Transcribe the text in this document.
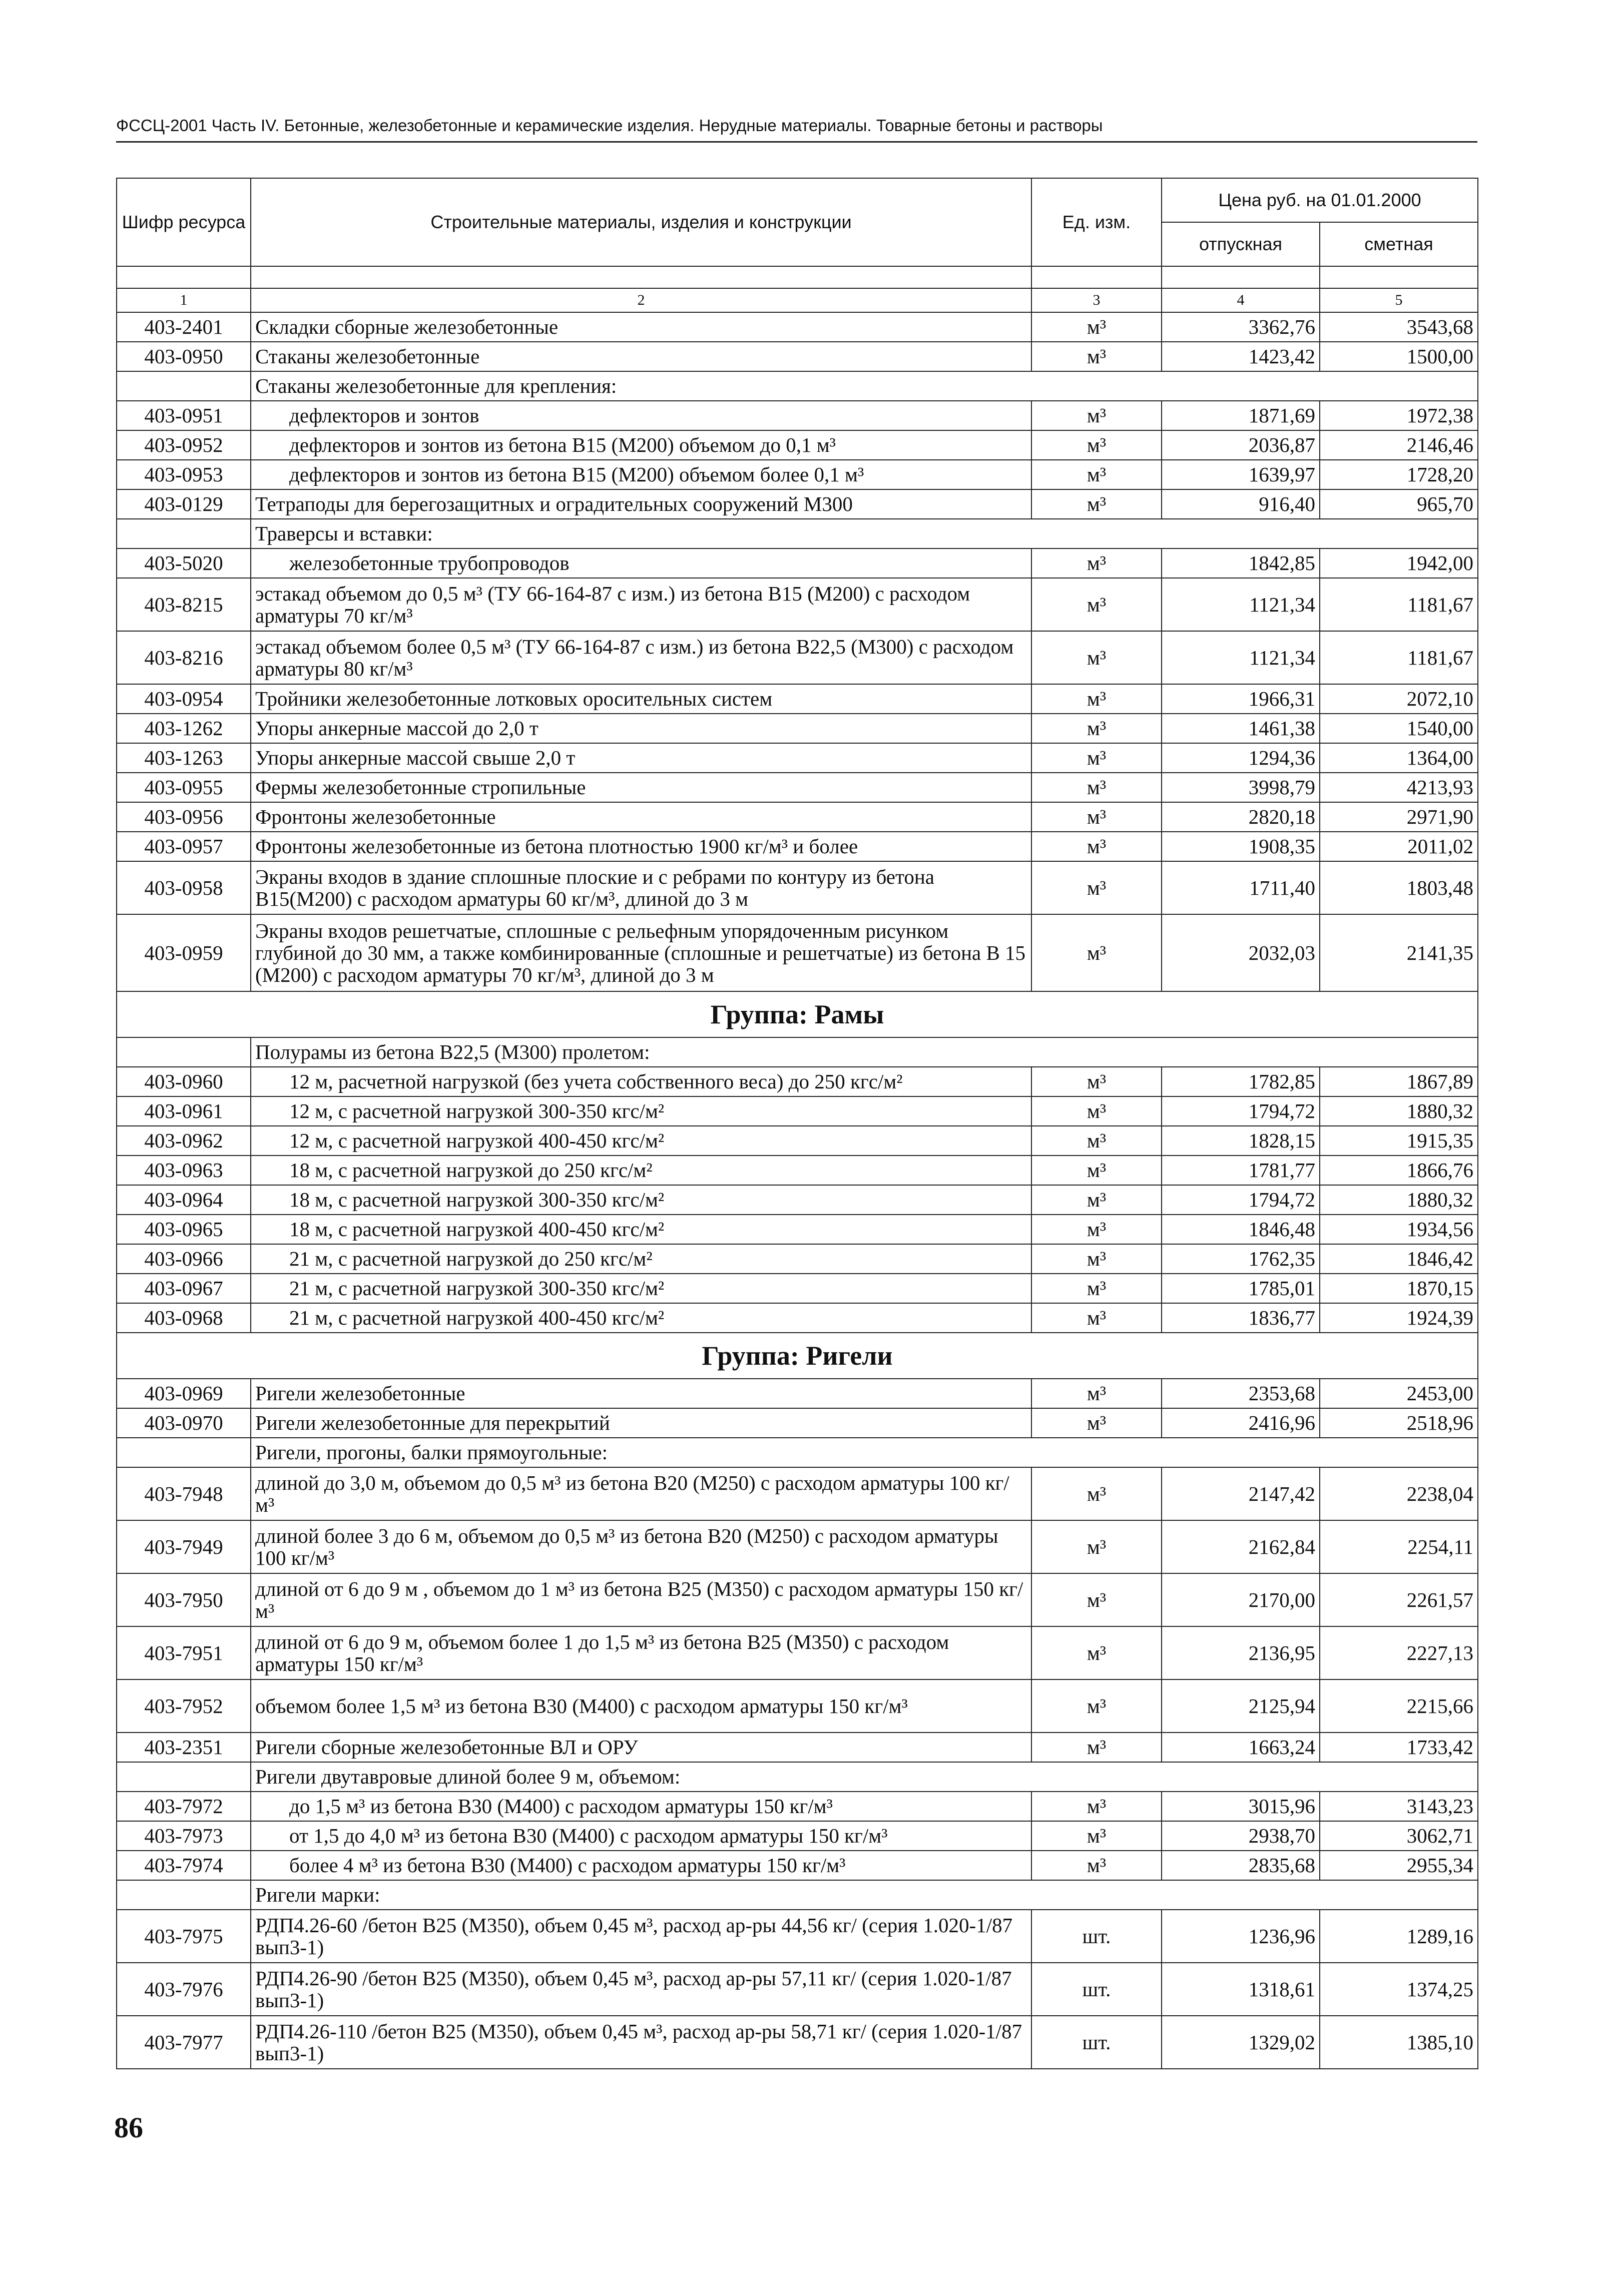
ФССЦ-2001 Часть IV. Бетонные, железобетонные и керамические изделия. Нерудные материалы. Товарные бетоны и растворы
Шифр ресурса	Строительные материалы, изделия и конструкции	Ед. изм.	Цена руб. на 01.01.2000	
			отпускная	сметная

1	2	3	4	5
403-2401	Складки сборные железобетонные	м³	3362,76	3543,68
403-0950	Стаканы железобетонные	м³	1423,42	1500,00
	Стаканы железобетонные для крепления:			
403-0951	дефлекторов и зонтов	м³	1871,69	1972,38
403-0952	дефлекторов и зонтов из бетона В15 (М200) объемом до 0,1 м³	м³	2036,87	2146,46
403-0953	дефлекторов и зонтов из бетона В15 (М200) объемом более 0,1 м³	м³	1639,97	1728,20
403-0129	Тетраподы для берегозащитных и оградительных сооружений М300	м³	916,40	965,70
	Траверсы и вставки:			
403-5020	железобетонные трубопроводов	м³	1842,85	1942,00
403-8215	эстакад объемом до 0,5 м³ (ТУ 66-164-87 с изм.) из бетона В15 (М200) с расходом арматуры 70 кг/м³	м³	1121,34	1181,67
403-8216	эстакад объемом более 0,5 м³ (ТУ 66-164-87 с изм.) из бетона В22,5 (М300) с расходом арматуры 80 кг/м³	м³	1121,34	1181,67
403-0954	Тройники железобетонные лотковых оросительных систем	м³	1966,31	2072,10
403-1262	Упоры анкерные массой до 2,0 т	м³	1461,38	1540,00
403-1263	Упоры анкерные массой свыше 2,0 т	м³	1294,36	1364,00
403-0955	Фермы железобетонные стропильные	м³	3998,79	4213,93
403-0956	Фронтоны железобетонные	м³	2820,18	2971,90
403-0957	Фронтоны железобетонные из бетона плотностью 1900 кг/м³ и более	м³	1908,35	2011,02
403-0958	Экраны входов в здание сплошные плоские и с ребрами по контуру из бетона В15(М200) с расходом арматуры 60 кг/м³, длиной до 3 м	м³	1711,40	1803,48
403-0959	Экраны входов решетчатые, сплошные с рельефным упорядоченным рисунком глубиной до 30 мм, а также комбинированные (сплошные и решетчатые) из бетона В 15 (М200) с расходом арматуры 70 кг/м³, длиной до 3 м	м³	2032,03	2141,35
Группа: Рамы				
	Полурамы из бетона В22,5 (М300) пролетом:			
403-0960	12 м, расчетной нагрузкой (без учета собственного веса) до 250 кгс/м²	м³	1782,85	1867,89
403-0961	12 м, с расчетной нагрузкой 300-350 кгс/м²	м³	1794,72	1880,32
403-0962	12 м, с расчетной нагрузкой 400-450 кгс/м²	м³	1828,15	1915,35
403-0963	18 м, с расчетной нагрузкой до 250 кгс/м²	м³	1781,77	1866,76
403-0964	18 м, с расчетной нагрузкой 300-350 кгс/м²	м³	1794,72	1880,32
403-0965	18 м, с расчетной нагрузкой 400-450 кгс/м²	м³	1846,48	1934,56
403-0966	21 м, с расчетной нагрузкой до 250 кгс/м²	м³	1762,35	1846,42
403-0967	21 м, с расчетной нагрузкой 300-350 кгс/м²	м³	1785,01	1870,15
403-0968	21 м, с расчетной нагрузкой 400-450 кгс/м²	м³	1836,77	1924,39
Группа: Ригели				
403-0969	Ригели железобетонные	м³	2353,68	2453,00
403-0970	Ригели железобетонные для перекрытий	м³	2416,96	2518,96
	Ригели, прогоны, балки прямоугольные:			
403-7948	длиной до 3,0 м, объемом до 0,5 м³ из бетона В20 (М250) с расходом арматуры 100 кг/м³	м³	2147,42	2238,04
403-7949	длиной более 3 до 6 м, объемом до 0,5 м³ из бетона В20 (М250) с расходом арматуры 100 кг/м³	м³	2162,84	2254,11
403-7950	длиной от 6 до 9 м , объемом до 1 м³ из бетона В25 (М350) с расходом арматуры 150 кг/м³	м³	2170,00	2261,57
403-7951	длиной от 6 до 9 м, объемом более 1 до 1,5 м³ из бетона В25 (М350) с расходом арматуры 150 кг/м³	м³	2136,95	2227,13
403-7952	объемом более 1,5 м³ из бетона В30 (М400) с расходом арматуры 150 кг/м³	м³	2125,94	2215,66
403-2351	Ригели сборные железобетонные ВЛ и ОРУ	м³	1663,24	1733,42
	Ригели двутавровые длиной более 9 м, объемом:			
403-7972	до 1,5 м³ из бетона В30 (М400) с расходом арматуры 150 кг/м³	м³	3015,96	3143,23
403-7973	от 1,5 до 4,0 м³ из бетона В30 (М400) с расходом арматуры 150 кг/м³	м³	2938,70	3062,71
403-7974	более 4 м³ из бетона В30 (М400) с расходом арматуры 150 кг/м³	м³	2835,68	2955,34
	Ригели марки:			
403-7975	РДП4.26-60 /бетон В25 (М350), объем 0,45 м³, расход ар-ры 44,56 кг/ (серия 1.020-1/87 вып3-1)	шт.	1236,96	1289,16
403-7976	РДП4.26-90 /бетон В25 (М350), объем 0,45 м³, расход ар-ры 57,11 кг/ (серия 1.020-1/87 вып3-1)	шт.	1318,61	1374,25
403-7977	РДП4.26-110 /бетон В25 (М350), объем 0,45 м³, расход ар-ры 58,71 кг/ (серия 1.020-1/87 вып3-1)	шт.	1329,02	1385,10
86
